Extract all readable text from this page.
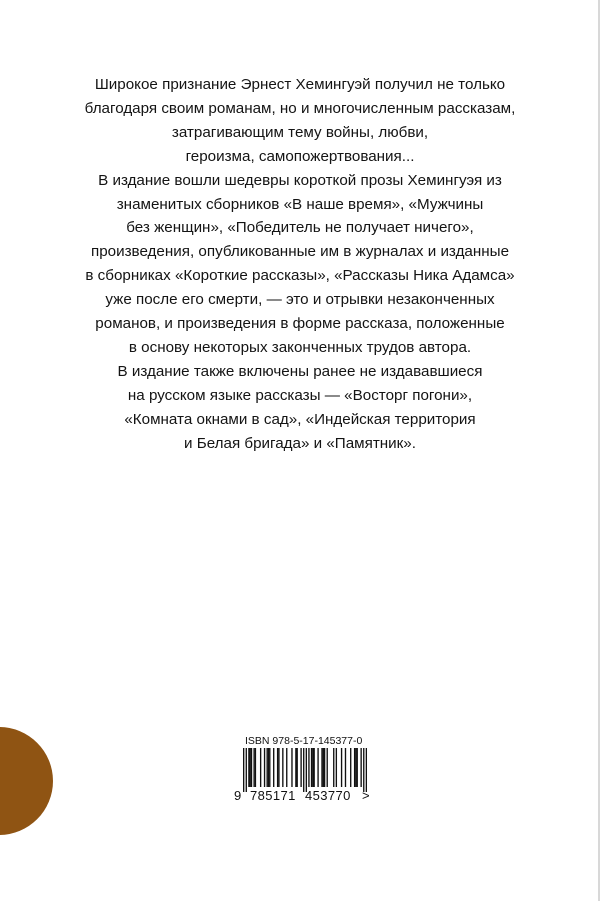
Широкое признание Эрнест Хемингуэй получил не только
благодаря своим романам, но и многочисленным рассказам,
затрагивающим тему войны, любви,
героизма, самопожертвования...
В издание вошли шедевры короткой прозы Хемингуэя из
знаменитых сборников «В наше время», «Мужчины
без женщин», «Победитель не получает ничего»,
произведения, опубликованные им в журналах и изданные
в сборниках «Короткие рассказы», «Рассказы Ника Адамса»
уже после его смерти, — это и отрывки незаконченных
романов, и произведения в форме рассказа, положенные
в основу некоторых законченных трудов автора.
В издание также включены ранее не издававшиеся
на русском языке рассказы — «Восторг погони»,
«Комната окнами в сад», «Индейская территория
и Белая бригада» и «Памятник».
ISBN 978-5-17-145377-0
9 785171 453770 >
